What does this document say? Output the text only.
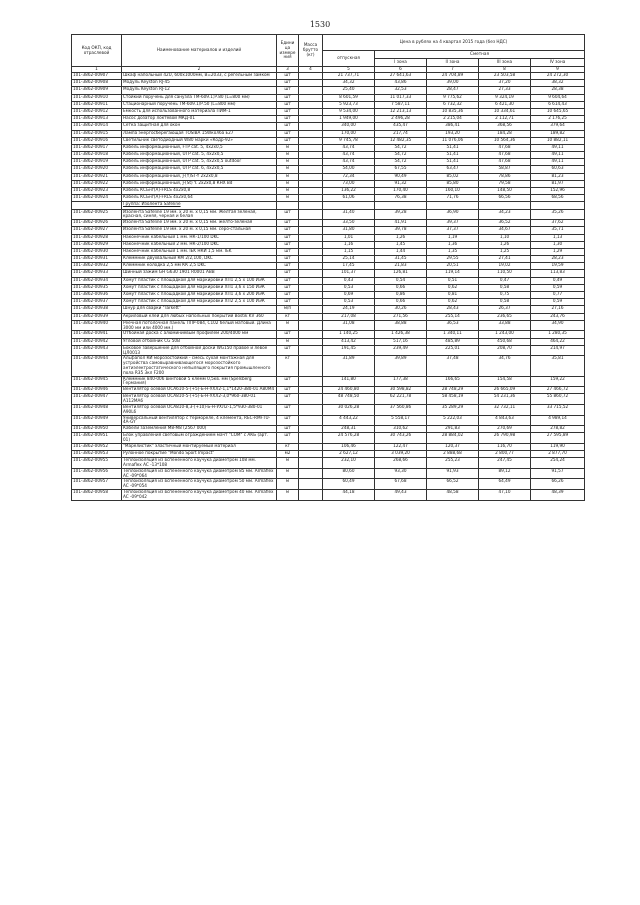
1530
Код ОКП, код отраслевой	Наименование материалов и изделий	Едини ца измере ния	Масса брутто (кг)	Цена в рублях на 4 квартал 2015 года (без НДС)				
				отпускная	Сметная			
					I зона	II зона	III зона	IV зона
1	2	3	4	5	6	7	8	9
101-3862-00907	Шкаф напольный 42U, 600x1000мм, В=2033, с регельным замком	шт		21 737,71	27 641,63	24 704,89	23 503,58	24 272,30
101-3862-00908	Модуль Keyston RJ-45	шт		34,32	43,86	39,00	37,20	38,32
101-3862-00909	Модуль Keyston RJ-12	шт		25,40	32,53	28,47	27,33	28,38
101-3862-00910	Стойкий поручень для санузла ТМ-609.1;Р.80 (L=800 мм)	шт		8 601,59	11 017,33	9 775,62	9 324,19	9 604,64
101-3862-00911	Стационарный поручень ТМ-609.1/Р.50 (L=800 мм)	шт		5 923,73	7 587,11	6 732,32	6 421,30	6 614,43
101-3862-00912	Емкость для использованного материала ПИМ-1	шт		9 534,00	12 213,13	10 835,36	10 334,61	10 645,65
101-3862-00913	Насос дозатор локтевой МКД-01	шт		1 949,00	2 496,28	2 215,04	2 112,71	2 176,25
101-3862-00914	Сетка защитная для окон	шт		340,00	435,47	386,41	368,56	379,64
101-3862-00915	Лампа энергосберегающая TOSIBA 15Wкол6а Е27	шт		170,00	217,74	193,20	184,28	189,82
101-3862-00916	Светильник светодиодный W80 марки «Кодр-92»	шт		9 745,78	12 482,35	11 076,06	10 564,36	10 882,11
101-3862-00917	Кабель информационный, FTP cat. 5, 4x2x0,5	м		43,74	54,72	51,41	47,68	49,11
101-3862-00918	Кабель информационный, UTP cat. 5, 4x2x0,5	м		43,74	54,72	51,41	47,68	49,11
101-3862-00919	Кабель информационный, UTP cat. 5, 4x2x0,5 outdoor	м		43,74	54,72	51,41	47,68	49,11
101-3862-00920	Кабель информационный, UTP cat. 6, 4x2x0,5	м		54,00	67,55	63,47	58,87	60,63
101-3862-00921	Кабель информационный, J-(Y)ST-Y 2x2x0,8	м		72,34	90,49	85,02	78,86	81,23
101-3862-00922	Кабель информационный, J-(St) Y. 2x2x0,8 КНХ Bd	м		73,00	91,32	85,80	79,58	81,97
101-3862-00923	Кабель КСБнг(А)-FRLS 4x2x0,8	м		136,22	170,40	160,10	148,50	152,96
101-3862-00924	Кабель КСБнг(А)-FRLS 4x2x0,64	м		61,06	76,38	71,76	66,56	68,56
	Группа: Изолента Safeline							
101-3862-00925	Изолента Safeline 19 мм. x 20 м. x 0,15 мм. Желтая зеленая, красная, синяя, черная и белая	шт		31,40	39,28	36,90	34,23	35,26
101-3862-00926	Изолента Safeline 19 мм. x 20 м. x 0,15 мм. желто-зеленая	шт		33,50	41,91	39,37	36,52	37,62
101-3862-00927	Изолента Safeline 19 мм. x 20 м. x 0,15 мм. серо-стальная	шт		31,80	39,78	37,37	34,67	35,71
101-3862-00928	Наконечник кабельный 1 мм. НК-1/100 DKC	шт		1,01	1,26	1,19	1,10	1,13
101-3862-00929	Наконечник кабельный 2 мм. НК-2/100 DKC	шт		1,16	1,45	1,36	1,26	1,30
101-3862-00930	Наконечник кабельный 1 мм. IEK НКИ 1,5 мм. IEK	шт		1,15	1,44	1,35	1,25	1,29
101-3862-00931	Клеммник двухвальный КМ 2/2,100, DKC	шт		25,14	31,45	29,55	27,41	28,23
101-3862-00932	Клеммник колодка 2,5 мм КК 2,5 DKC	шт		17,45	21,83	20,51	19,02	19,59
101-3862-00933	Шинный зажим GH G630 1901 R0001 ABB	шт		101,37	126,81	119,14	110,50	113,83
101-3862-00934	Хомут пластик с площадкой для маркировки ХП1 2,5 x 100 ИЭК	шт		0,43	0,54	0,51	0,47	0,49
101-3862-00935	Хомут пластик с площадкой для маркировки ХП1 3,6 x 150 ИЭК	шт		0,53	0,66	0,62	0,58	0,59
101-3862-00936	Хомут пластик с площадкой для маркировки ХП1 3,6 x 200 ИЭК	шт		0,69	0,86	0,81	0,75	0,77
101-3862-00937	Хомут пластик с площадкой для маркировки ХП2 2,5 x 100 ИЭК	шт		0,53	0,66	0,62	0,58	0,59
101-3862-00938	Шнур для сварки "Tarkett"	м/п		24,19	30,26	28,43	26,37	27,16
101-3862-00939	Акриловый клей для любых напольных покрытий Bostik KV 360	кг		217,08	271,56	255,14	236,65	243,76
101-3862-00940	Реечная потолочная панель ППР-084, С102 белый матовый. Длина 3000 мм или 4000 мм.)	м		31,08	38,88	36,53	33,88	34,90
101-3862-00941	Отбойная доска с алюминиевым профилем 200/4000 мм	шт		1 140,25	1 426,38	1 340,11	1 243,00	1 280,35
101-3862-00942	Угловой отбойник CG 50B	м		413,42	517,16	485,89	450,68	464,22
101-3862-00943	Боковое завершение для отбойной доски WG150 правое и левое ЦЛ0013	шт		191,45	239,49	225,01	208,70	214,97
101-3862-00944	Альфапол КИ морозостойкий - смесь сухая монтажная для устройства самовыравнивающегося морозостойкого антиэлектростатического непылящего покрытия промышленного пола R35 3кл F200	кг		31,89	39,89	37,48	34,76	35,81
101-3862-00945	Клеммник 840-006 винтовой 5 клемм 0,5кв. мм (Spelsberg Германия)	шт		141,80	177,38	166,65	154,58	159,22
101-3862-00946	Вентилятор осевой ОСА610-5-(+5)-Б-Н-УХЛ2-1,1*1420-380-01 А80М4	шт		24 460,80	30 598,82	28 748,29	26 665,09	27 466,72
101-3862-00947	Вентилятор осевой ОСА810-5-(+5)-Б-Н-УХЛ2-3,0*960-380-01 А112МА6	шт		48 748,50	62 221,78	58 458,19	54 231,36	55 860,72
101-3862-00948	Вентилятор осевой ОСА810-8,3-(+10)-Б-Н-УХЛ2-1,5*930-380-01 А90L6	шт		30 026,28	37 560,86	35 289,29	32 732,11	33 715,52
101-3862-00949	Универсальный вентилятор с термореле, 4 клемента, REC-RMFTU-4A-GY	шт		4 443,22	5 558,17	5 222,03	4 843,63	4 989,14
101-3862-00950	Кабели заземления M8-M8 (2567 000)	шт		248,31	310,62	291,83	270,69	278,82
101-3862-00951	Блок управления световым ограждением мачт "COM" с АКБ (арт. 01)	шт		24 576,28	30 743,26	28 884,02	26 790,98	27 595,89
101-3862-00952	"Марелистик" эластичный монтируемый материал	кг		106,46	122,47	120,37	116,70	119,90
101-3862-00953	Рулонное покрытие "Mondo Sport Impact"	м2		2 627,12	3 039,20	2 888,68	2 800,77	2 877,70
101-3862-00955	Теплоизоляция из вспененного каучука диаметром 108 мм. Armaflex AC -13*108	м		232,10	268,66	255,23	247,45	254,24
101-3862-00956	Теплоизоляция из вспененного каучука диаметром 85 мм. Armaflex AC -09*064	м		80,60	93,30	91,93	89,12	91,57
101-3862-00957	Теплоизоляция из вспененного каучука диаметром 50 мм. Armaflex AC -09*054	м		60,49	67,68	66,52	64,49	66,26
101-3862-00958	Теплоизоляция из вспененного каучука диаметром 40 мм. Armaflex AC -09*042	м		44,18	49,43	48,58	47,10	48,39
